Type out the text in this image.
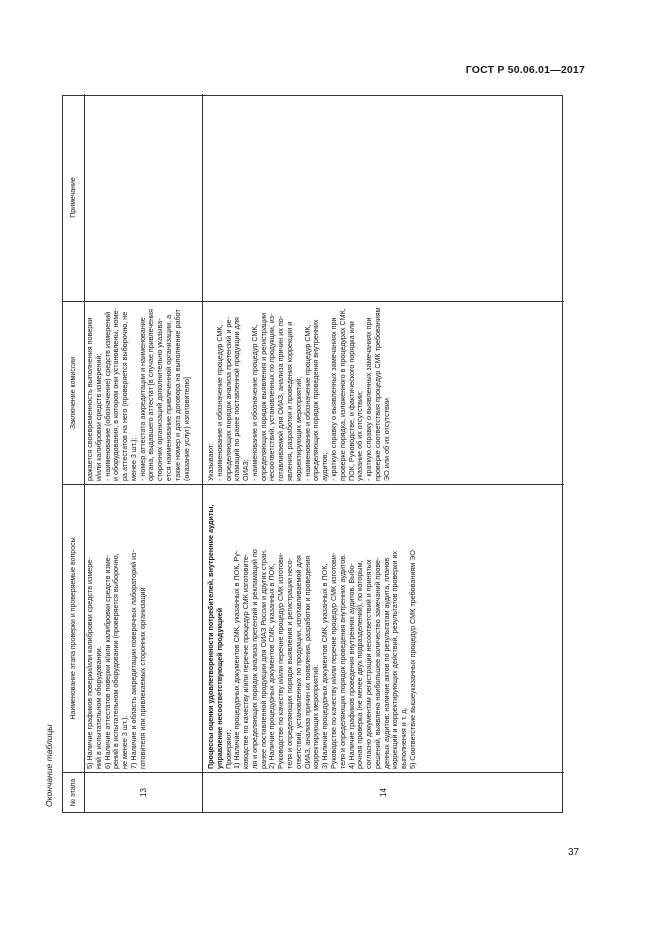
ГОСТ Р 50.06.01—2017
Окончание таблицы	№ этапа
Наименование этапа проверки и проверяемые вопросы
Заключение комиссии
Примечание
13
5) Наличие графиков поверки/или калибровки средств измере- ний в испытательном оборудовании. 6) Наличие аттестатов поверки и/или калибровки средств изме- рений в испытательном оборудовании (проверяется выборочно, не менее 3 шт.). 7) Наличие и область аккредитации поверочных лабораторий из- готовителя или привлекаемых сторонних организаций
ражается своевременность выполнения поверки и/или калибровки средств измерений; - наименование (обозначение) средств измерений и оборудования, в котором они установлены, номе- ра аттестатов на него (проверяется выборочно, не менее 3 шт.); - номер аттестата аккредитации и наименование органа, выдавшего аттестат [в случае привлечения сторонних организаций дополнительно указыва- ется наименование привлеченной организации, а также номер и дата договора на выполнение работ (оказание услуг) изготовителю]
14
Процессы оценки удовлетворенности потребителей, внутренние аудиты, управление несоответствующей продукцией Проверяют: 1) Наличие процедурных документов СМК, указанных в ПОК, Ру- ководстве по качеству и/или перечне процедур СМК изготовите- ля и определяющих порядок анализа претензий и рекламаций по ранее поставленной продукции для ОИАЗ России и других стран. 2) Наличие процедурных документов СМК, указанных в ПОК, Руководстве по качеству и/или перечне процедур СМК изготови- теля и определяющих порядок выявления и регистрации несо- ответствий, установленных по продукции, изготавливаемой для ОИАЗ, анализа причин их появления, разработки и проведения корректирующих мероприятий. 3) Наличие процедурных документов СМК, указанных в ПОК, Руководстве по качеству и/или перечне процедур СМК изготови- теля и определяющих порядок проведения внутренних аудитов. 4) Наличие графиков проведения внутренних аудитов. Выбо- рочная проверка (не менее двух подразделений), по которым, согласно документам регистрации несоответствий и принятых решений, выявлено наибольшее количество замечаний прове- денных аудитов: наличие актов по результатам аудита, планов коррекций и корректирующих действий, результатов проверки их выполнения и т. д. 5) Соответствие вышеуказанных процедур СМК требованиям ЭО
Указывают: - наименование и обозначение процедур СМК, определяющих порядок анализа претензий и ре- кламаций по ранее поставленной продукции для ОИАЗ; - наименование и обозначение процедур СМК, определяющих порядок выявления и регистрации несоответствий, установленных по продукции, из- готавливаемой для ОИАЗ, анализа причин их по- явления, разработки и проведения коррекции и корректирующих мероприятий; - наименование и обозначение процедур СМК, определяющих порядок проведения внутренних аудитов; - краткую справку о выявленных замечаниях при проверке порядка, изложенного в процедурах СМК, ПОК, Руководстве, и фактического порядка или указание об их отсутствии; - краткую справку о выявленных замечаниях при проверке соответствия процедур СМК требованиям ЭО или об их отсутствии
37
